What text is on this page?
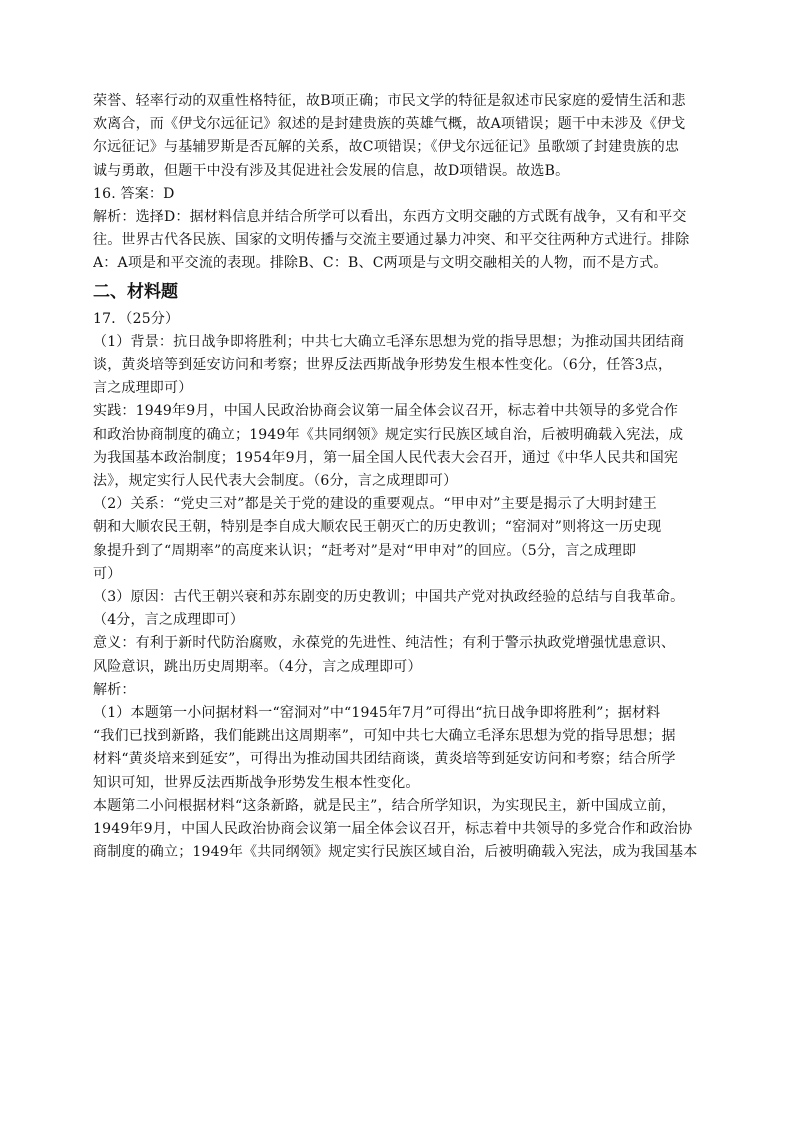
荣誉、轻率行动的双重性格特征，故B项正确；市民文学的特征是叙述市民家庭的爱情生活和悲
欢离合，而《伊戈尔远征记》叙述的是封建贵族的英雄气概，故A项错误；题干中未涉及《伊戈
尔远征记》与基辅罗斯是否瓦解的关系，故C项错误；《伊戈尔远征记》虽歌颂了封建贵族的忠
诚与勇敢，但题干中没有涉及其促进社会发展的信息，故D项错误。故选B。
16. 答案：D
解析：选择D：据材料信息并结合所学可以看出，东西方文明交融的方式既有战争，又有和平交
往。世界古代各民族、国家的文明传播与交流主要通过暴力冲突、和平交往两种方式进行。排除
A：A项是和平交流的表现。排除B、C：B、C两项是与文明交融相关的人物，而不是方式。
二、材料题
17．（25分）
（1）背景：抗日战争即将胜利；中共七大确立毛泽东思想为党的指导思想；为推动国共团结商
谈，黄炎培等到延安访问和考察；世界反法西斯战争形势发生根本性变化。（6分，任答3点，
言之成理即可）
实践：1949年9月，中国人民政治协商会议第一届全体会议召开，标志着中共领导的多党合作
和政治协商制度的确立；1949年《共同纲领》规定实行民族区域自治，后被明确载入宪法，成
为我国基本政治制度；1954年9月，第一届全国人民代表大会召开，通过《中华人民共和国宪
法》，规定实行人民代表大会制度。（6分，言之成理即可）
（2）关系：“党史三对”都是关于党的建设的重要观点。“甲申对”主要是揭示了大明封建王
朝和大顺农民王朝，特别是李自成大顺农民王朝灭亡的历史教训；“窑洞对”则将这一历史现
象提升到了“周期率”的高度来认识；“赶考对”是对“甲申对”的回应。（5分，言之成理即
可）
（3）原因：古代王朝兴衰和苏东剧变的历史教训；中国共产党对执政经验的总结与自我革命。
（4分，言之成理即可）
意义：有利于新时代防治腐败，永葆党的先进性、纯洁性；有利于警示执政党增强忧患意识、
风险意识，跳出历史周期率。（4分，言之成理即可）
解析：
（1）本题第一小问据材料一“窑洞对”中“1945年7月”可得出“抗日战争即将胜利”；据材料
“我们已找到新路，我们能跳出这周期率”，可知中共七大确立毛泽东思想为党的指导思想；据
材料“黄炎培来到延安”，可得出为推动国共团结商谈，黄炎培等到延安访问和考察；结合所学
知识可知，世界反法西斯战争形势发生根本性变化。
本题第二小问根据材料“这条新路，就是民主”，结合所学知识，为实现民主，新中国成立前，
1949年9月，中国人民政治协商会议第一届全体会议召开，标志着中共领导的多党合作和政治协
商制度的确立；1949年《共同纲领》规定实行民族区域自治，后被明确载入宪法，成为我国基本
